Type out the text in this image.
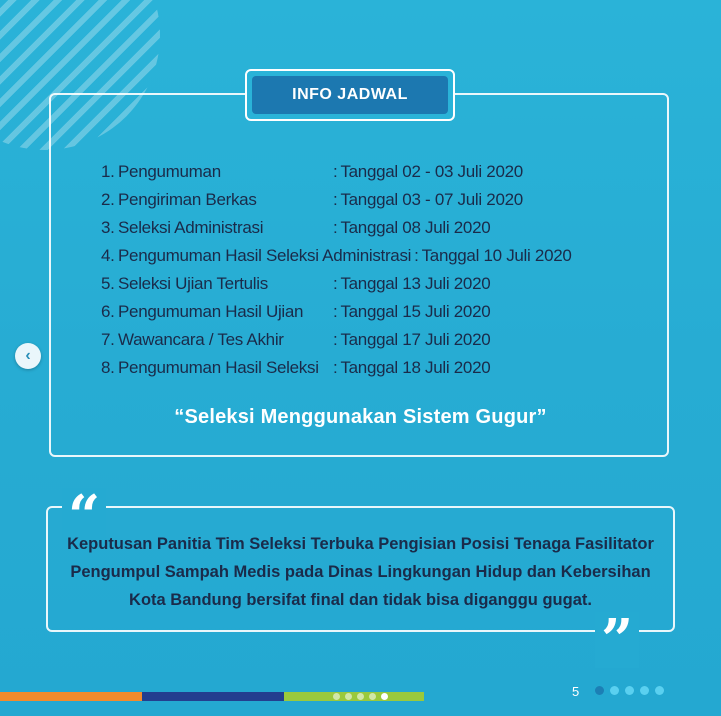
INFO JADWAL
1. Pengumuman	: Tanggal 02 - 03 Juli 2020
2. Pengiriman Berkas	: Tanggal 03 - 07 Juli 2020
3. Seleksi Administrasi	: Tanggal 08 Juli 2020
4. Pengumuman Hasil Seleksi Administrasi : Tanggal 10 Juli 2020
5. Seleksi Ujian Tertulis	: Tanggal 13 Juli 2020
6. Pengumuman Hasil Ujian	: Tanggal 15 Juli 2020
7. Wawancara / Tes Akhir	: Tanggal 17 Juli 2020
8. Pengumuman Hasil Seleksi : Tanggal 18 Juli 2020
“Seleksi Menggunakan Sistem Gugur”
“
Keputusan Panitia Tim Seleksi Terbuka Pengisian Posisi Tenaga Fasilitator Pengumpul Sampah Medis pada Dinas Lingkungan Hidup dan Kebersihan Kota Bandung bersifat final dan tidak bisa diganggu gugat.
”
‹
5
